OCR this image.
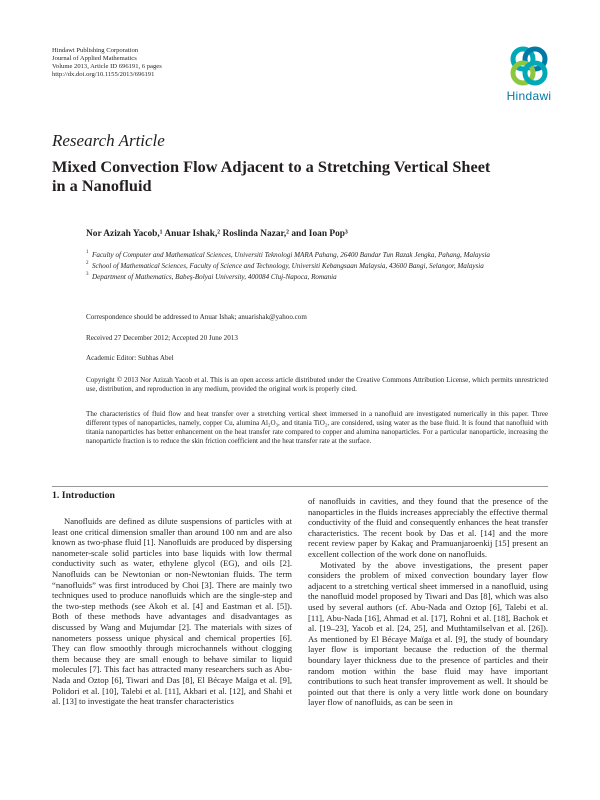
Hindawi Publishing Corporation
Journal of Applied Mathematics
Volume 2013, Article ID 696191, 6 pages
http://dx.doi.org/10.1155/2013/696191
Hindawi
Research Article
Mixed Convection Flow Adjacent to a Stretching Vertical Sheet in a Nanofluid
Nor Azizah Yacob,¹ Anuar Ishak,² Roslinda Nazar,² and Ioan Pop³
1 Faculty of Computer and Mathematical Sciences, Universiti Teknologi MARA Pahang, 26400 Bandar Tun Razak Jengka, Pahang, Malaysia
2 School of Mathematical Sciences, Faculty of Science and Technology, Universiti Kebangsaan Malaysia, 43600 Bangi, Selangor, Malaysia
3 Department of Mathematics, Babeş-Bolyai University, 400084 Cluj-Napoca, Romania
Correspondence should be addressed to Anuar Ishak; anuarishak@yahoo.com
Received 27 December 2012; Accepted 20 June 2013
Academic Editor: Subhas Abel
Copyright © 2013 Nor Azizah Yacob et al. This is an open access article distributed under the Creative Commons Attribution License, which permits unrestricted use, distribution, and reproduction in any medium, provided the original work is properly cited.
The characteristics of fluid flow and heat transfer over a stretching vertical sheet immersed in a nanofluid are investigated numerically in this paper. Three different types of nanoparticles, namely, copper Cu, alumina Al₂O₃, and titania TiO₂, are considered, using water as the base fluid. It is found that nanofluid with titania nanoparticles has better enhancement on the heat transfer rate compared to copper and alumina nanoparticles. For a particular nanoparticle, increasing the nanoparticle fraction is to reduce the skin friction coefficient and the heat transfer rate at the surface.
1. Introduction

Nanofluids are defined as dilute suspensions of particles with at least one critical dimension smaller than around 100 nm and are also known as two-phase fluid [1]. Nanofluids are produced by dispersing nanometer-scale solid particles into base liquids with low thermal conductivity such as water, ethylene glycol (EG), and oils [2]. Nanofluids can be Newtonian or non-Newtonian fluids. The term “nanofluids” was first introduced by Choi [3]. There are mainly two techniques used to produce nanofluids which are the single-step and the two-step methods (see Akoh et al. [4] and Eastman et al. [5]). Both of these methods have advantages and disadvantages as discussed by Wang and Mujumdar [2]. The materials with sizes of nanometers possess unique physical and chemical properties [6]. They can flow smoothly through microchannels without clogging them because they are small enough to behave similar to liquid molecules [7]. This fact has attracted many researchers such as Abu-Nada and Oztop [6], Tiwari and Das [8], El Bécaye Maïga et al. [9], Polidori et al. [10], Talebi et al. [11], Akbari et al. [12], and Shahi et al. [13] to investigate the heat transfer characteristics

of nanofluids in cavities, and they found that the presence of the nanoparticles in the fluids increases appreciably the effective thermal conductivity of the fluid and consequently enhances the heat transfer characteristics. The recent book by Das et al. [14] and the more recent review paper by Kakaç and Pramuanjaroenkij [15] present an excellent collection of the work done on nanofluids.

Motivated by the above investigations, the present paper considers the problem of mixed convection boundary layer flow adjacent to a stretching vertical sheet immersed in a nanofluid, using the nanofluid model proposed by Tiwari and Das [8], which was also used by several authors (cf. Abu-Nada and Oztop [6], Talebi et al. [11], Abu-Nada [16], Ahmad et al. [17], Rohni et al. [18], Bachok et al. [19–23], Yacob et al. [24, 25], and Muthtamilselvan et al. [26]). As mentioned by El Bécaye Maïga et al. [9], the study of boundary layer flow is important because the reduction of the thermal boundary layer thickness due to the presence of particles and their random motion within the base fluid may have important contributions to such heat transfer improvement as well. It should be pointed out that there is only a very little work done on boundary layer flow of nanofluids, as can be seen in
